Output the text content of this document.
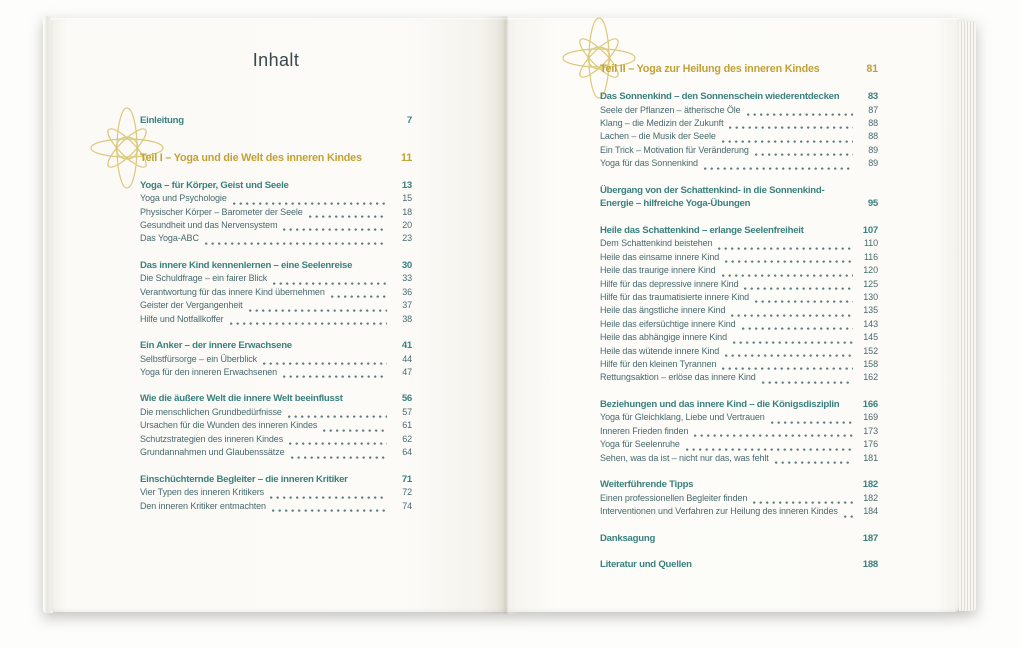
Inhalt
Einleitung	7
Teil I – Yoga und die Welt des inneren Kindes	11
Yoga – für Körper, Geist und Seele	13
Yoga und Psychologie	15
Physischer Körper – Barometer der Seele	18
Gesundheit und das Nervensystem	20
Das Yoga-ABC	23
Das innere Kind kennenlernen – eine Seelenreise	30
Die Schuldfrage – ein fairer Blick	33
Verantwortung für das innere Kind übernehmen	36
Geister der Vergangenheit	37
Hilfe und Notfallkoffer	38
Ein Anker – der innere Erwachsene	41
Selbstfürsorge – ein Überblick	44
Yoga für den inneren Erwachsenen	47
Wie die äußere Welt die innere Welt beeinflusst	56
Die menschlichen Grundbedürfnisse	57
Ursachen für die Wunden des inneren Kindes	61
Schutzstrategien des inneren Kindes	62
Grundannahmen und Glaubenssätze	64
Einschüchternde Begleiter – die inneren Kritiker	71
Vier Typen des inneren Kritikers	72
Den inneren Kritiker entmachten	74
Teil II – Yoga zur Heilung des inneren Kindes	81
Das Sonnenkind – den Sonnenschein wiederentdecken	83
Seele der Pflanzen – ätherische Öle	87
Klang – die Medizin der Zukunft	88
Lachen – die Musik der Seele	88
Ein Trick – Motivation für Veränderung	89
Yoga für das Sonnenkind	89
Übergang von der Schattenkind- in die Sonnenkind-
Energie – hilfreiche Yoga-Übungen	95
Heile das Schattenkind – erlange Seelenfreiheit	107
Dem Schattenkind beistehen	110
Heile das einsame innere Kind	116
Heile das traurige innere Kind	120
Hilfe für das depressive innere Kind	125
Hilfe für das traumatisierte innere Kind	130
Heile das ängstliche innere Kind	135
Heile das eifersüchtige innere Kind	143
Heile das abhängige innere Kind	145
Heile das wütende innere Kind	152
Hilfe für den kleinen Tyrannen	158
Rettungsaktion – erlöse das innere Kind	162
Beziehungen und das innere Kind – die Königsdisziplin 166
Yoga für Gleichklang, Liebe und Vertrauen	169
Inneren Frieden finden	173
Yoga für Seelenruhe	176
Sehen, was da ist – nicht nur das, was fehlt	181
Weiterführende Tipps	182
Einen professionellen Begleiter finden	182
Interventionen und Verfahren zur Heilung des inneren Kindes	184
Danksagung	187
Literatur und Quellen	188
